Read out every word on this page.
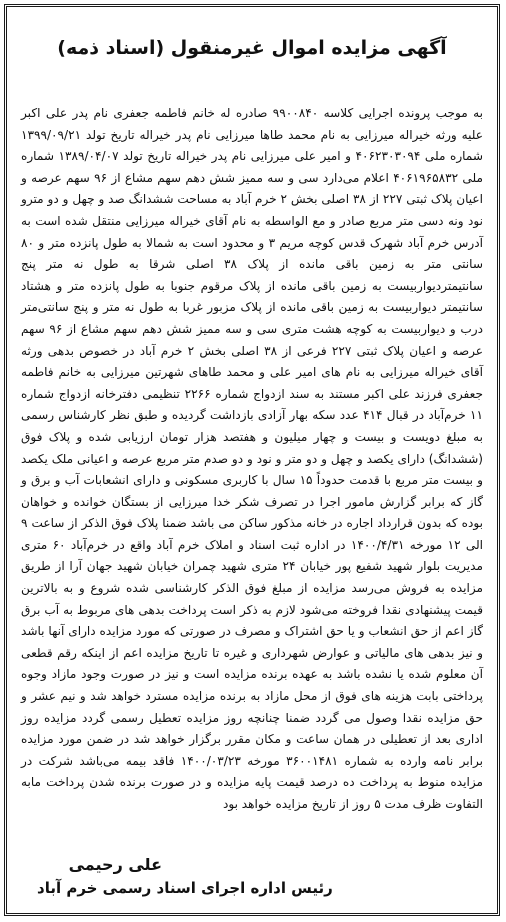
آگهی مزایده اموال غیرمنقول (اسناد ذمه)
به موجب پرونده اجرایی کلاسه ۹۹۰۰۸۴۰ صادره له خانم فاطمه جعفری نام پدر علی اکبر علیه ورثه خیراله میرزایی به نام محمد طاها میرزایی نام پدر خیراله تاریخ تولد ۱۳۹۹/۰۹/۲۱ شماره ملی ۴۰۶۲۳۰۳۰۹۴ و امیر علی میرزایی نام پدر خیراله تاریخ تولد ۱۳۸۹/۰۴/۰۷ شماره ملی ۴۰۶۱۹۶۵۸۳۲ اعلام می‌دارد سی و سه ممیز شش دهم سهم مشاع از ۹۶ سهم عرصه و اعیان پلاک ثبتی ۲۲۷ از ۳۸ اصلی بخش ۲ خرم آباد به مساحت ششدانگ صد و چهل و دو مترو نود ونه دسی متر مربع صادر و مع الواسطه به نام آقای خیراله میرزایی منتقل شده است به آدرس خرم آباد شهرک قدس کوچه مریم ۳ و محدود است به شمالا به طول پانزده متر و ۸۰ سانتی متر به زمین باقی مانده از پلاک ۳۸ اصلی شرقا به طول نه متر پنج سانتیمتردیواربیست به زمین باقی مانده از پلاک مرقوم جنوبا به طول پانزده متر و هشتاد سانتیمتر دیواربیست به زمین باقی مانده از پلاک مزبور غربا به طول نه متر و پنج سانتی‌متر درب و دیواربیست به کوچه هشت متری سی و سه ممیز شش دهم سهم مشاع از ۹۶ سهم عرصه و اعیان پلاک ثبتی ۲۲۷ فرعی از ۳۸ اصلی بخش ۲ خرم آباد در خصوص بدهی ورثه آقای خیراله میرزایی به نام های امیر علی و محمد طاهای شهرتین میرزایی به خانم فاطمه جعفری فرزند علی اکبر مستند به سند ازدواج شماره ۲۲۶۶ تنظیمی دفترخانه ازدواج شماره ۱۱ خرم‌آباد در قبال ۴۱۴ عدد سکه بهار آزادی بازداشت گردیده و طبق نظر کارشناس رسمی به مبلغ دویست و بیست و چهار میلیون و هفتصد هزار تومان ارزیابی شده و پلاک فوق (ششدانگ) دارای یکصد و چهل و دو متر و نود و دو صدم متر مربع عرصه و اعیانی ملک یکصد و بیست متر مربع با قدمت حدوداً ۱۵ سال با کاربری مسکونی و دارای انشعابات آب و برق و گاز که برابر گزارش مامور اجرا در تصرف شکر خدا میرزایی از بستگان خوانده و خواهان بوده که بدون قرارداد اجاره در خانه مذکور ساکن می باشد ضمنا پلاک فوق الذکر از ساعت ۹ الی ۱۲ مورخه ۱۴۰۰/۴/۳۱ در اداره ثبت اسناد و املاک خرم آباد واقع در خرم‌آباد ۶۰ متری مدیریت بلوار شهید شفیع پور خیابان ۲۴ متری شهید چمران خیابان شهید جهان آرا از طریق مزایده به فروش می‌رسد مزایده از مبلغ فوق الذکر کارشناسی شده شروع و به بالاترین قیمت پیشنهادی نقدا فروخته می‌شود لازم به ذکر است پرداخت بدهی های مربوط به آب برق گاز اعم از حق انشعاب و یا حق اشتراک و مصرف در صورتی که مورد مزایده دارای آنها باشد و نیز بدهی های مالیاتی و عوارض شهرداری و غیره تا تاریخ مزایده اعم از اینکه رقم قطعی آن معلوم شده یا نشده باشد به عهده برنده مزایده است و نیز در صورت وجود مازاد وجوه پرداختی بابت هزینه های فوق از محل مازاد به برنده مزایده مسترد خواهد شد و نیم عشر و حق مزایده نقدا وصول می گردد ضمنا چنانچه روز مزایده تعطیل رسمی گردد مزایده روز اداری بعد از تعطیلی در همان ساعت و مکان مقرر برگزار خواهد شد در ضمن مورد مزایده برابر نامه وارده به شماره ۳۶۰۰۱۴۸۱ مورخه ۱۴۰۰/۰۳/۲۳ فاقد بیمه می‌باشد شرکت در مزایده منوط به پرداخت ده درصد قیمت پایه مزایده و در صورت برنده شدن پرداخت مابه التفاوت ظرف مدت ۵ روز از تاریخ مزایده خواهد بود
علی رحیمی
رئیس اداره اجرای اسناد رسمی خرم آباد
